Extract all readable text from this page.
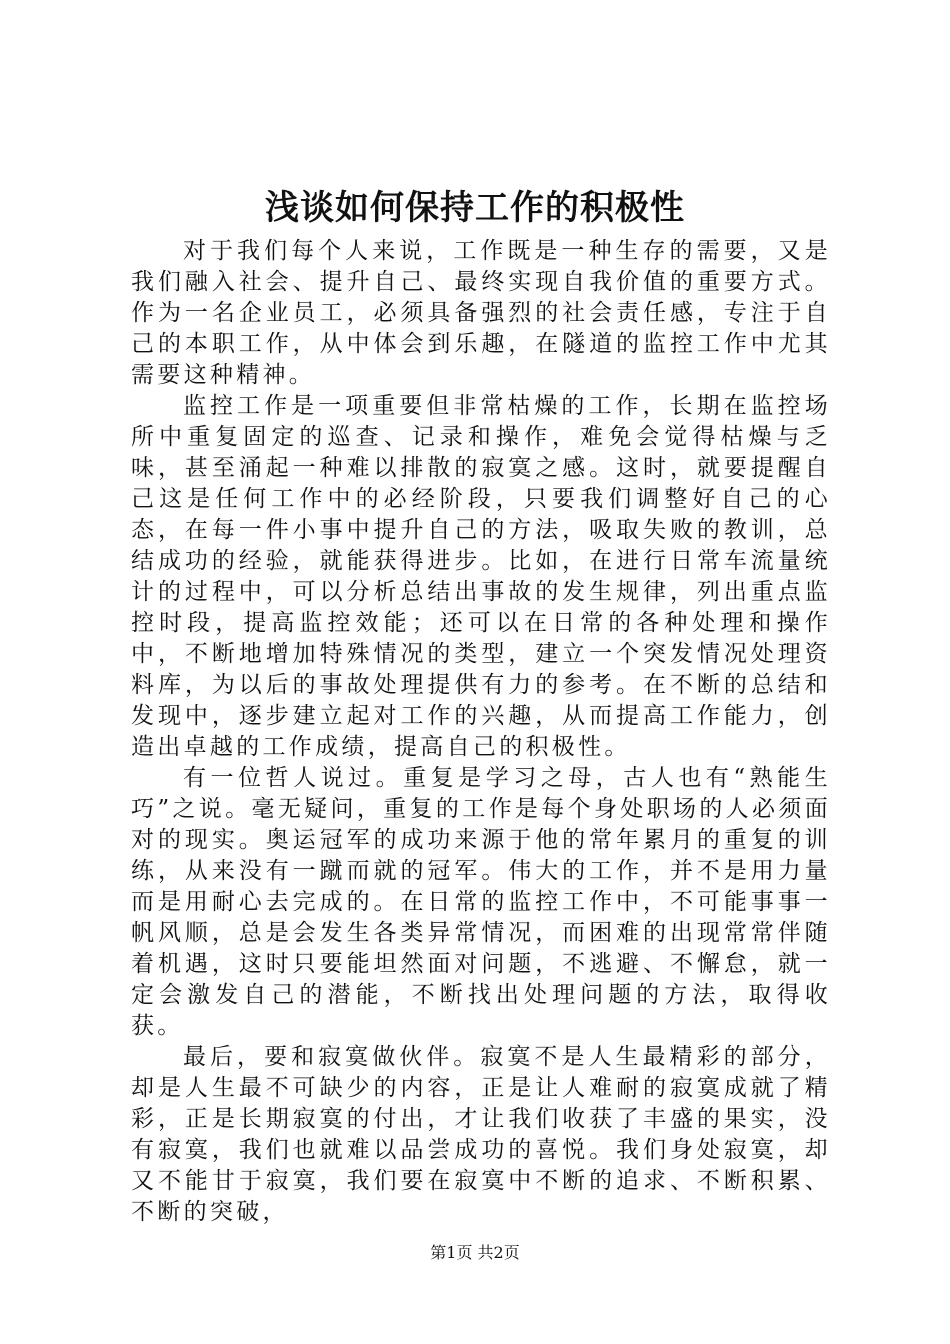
浅谈如何保持工作的积极性

对于我们每个人来说，工作既是一种生存的需要，又是我们融入社会、提升自己、最终实现自我价值的重要方式。作为一名企业员工，必须具备强烈的社会责任感，专注于自己的本职工作，从中体会到乐趣，在隧道的监控工作中尤其需要这种精神。

监控工作是一项重要但非常枯燥的工作，长期在监控场所中重复固定的巡查、记录和操作，难免会觉得枯燥与乏味，甚至涌起一种难以排散的寂寞之感。这时，就要提醒自己这是任何工作中的必经阶段，只要我们调整好自己的心态，在每一件小事中提升自己的方法，吸取失败的教训，总结成功的经验，就能获得进步。比如，在进行日常车流量统计的过程中，可以分析总结出事故的发生规律，列出重点监控时段，提高监控效能；还可以在日常的各种处理和操作中，不断地增加特殊情况的类型，建立一个突发情况处理资料库，为以后的事故处理提供有力的参考。在不断的总结和发现中，逐步建立起对工作的兴趣，从而提高工作能力，创造出卓越的工作成绩，提高自己的积极性。

有一位哲人说过。重复是学习之母，古人也有“熟能生巧”之说。毫无疑问，重复的工作是每个身处职场的人必须面对的现实。奥运冠军的成功来源于他的常年累月的重复的训练，从来没有一蹴而就的冠军。伟大的工作，并不是用力量而是用耐心去完成的。在日常的监控工作中，不可能事事一帆风顺，总是会发生各类异常情况，而困难的出现常常伴随着机遇，这时只要能坦然面对问题，不逃避、不懈怠，就一定会激发自己的潜能，不断找出处理问题的方法，取得收获。

最后，要和寂寞做伙伴。寂寞不是人生最精彩的部分，却是人生最不可缺少的内容，正是让人难耐的寂寞成就了精彩，正是长期寂寞的付出，才让我们收获了丰盛的果实，没有寂寞，我们也就难以品尝成功的喜悦。我们身处寂寞，却又不能甘于寂寞，我们要在寂寞中不断的追求、不断积累、不断的突破，

第1页 共2页
